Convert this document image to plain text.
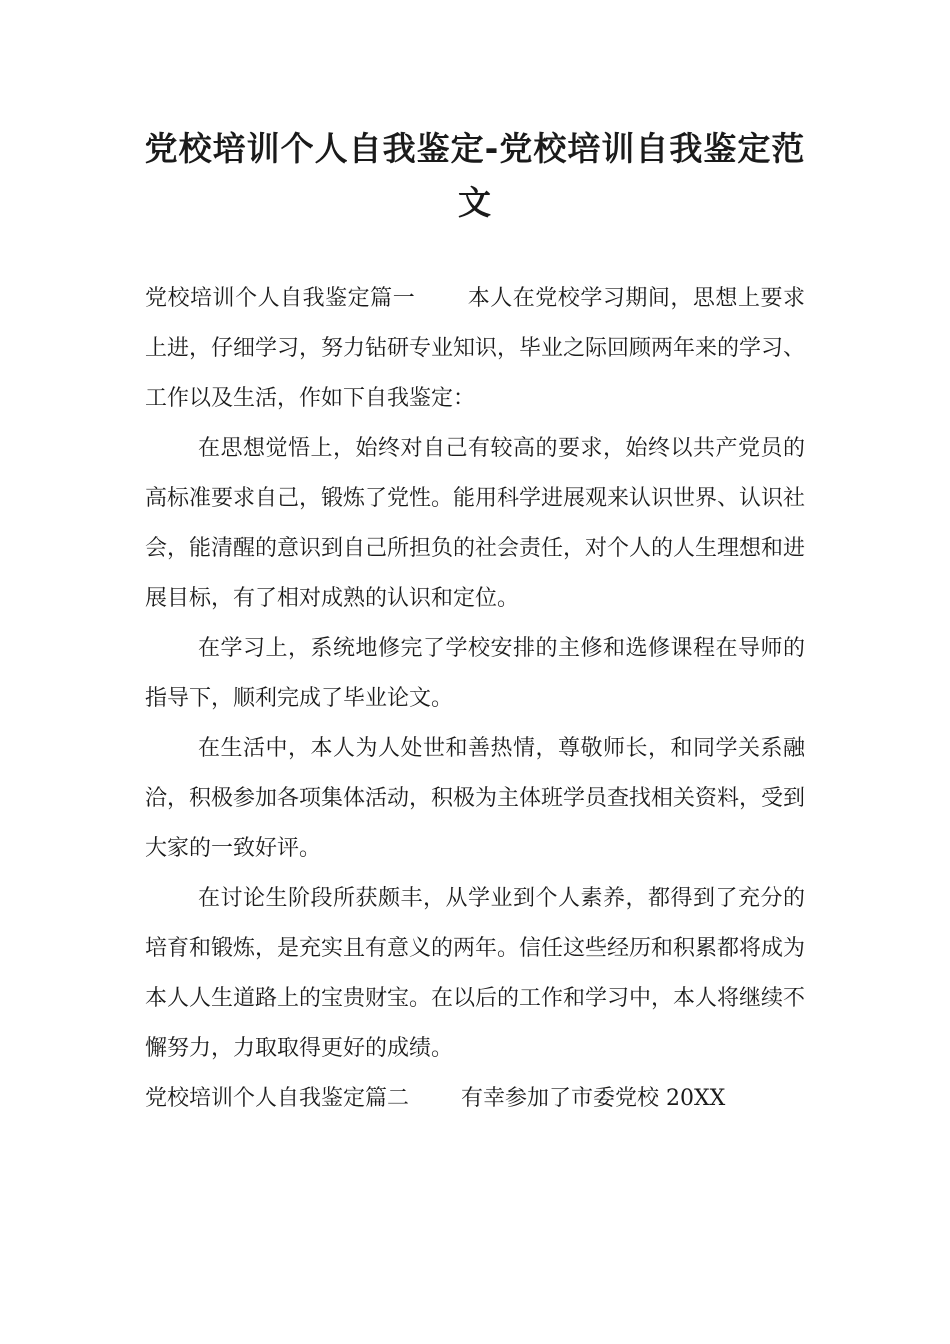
党校培训个人自我鉴定-党校培训自我鉴定范文

党校培训个人自我鉴定篇一 本人在党校学习期间，思想上要求上进，仔细学习，努力钻研专业知识，毕业之际回顾两年来的学习、工作以及生活，作如下自我鉴定：

在思想觉悟上，始终对自己有较高的要求，始终以共产党员的高标准要求自己，锻炼了党性。能用科学进展观来认识世界、认识社会，能清醒的意识到自己所担负的社会责任，对个人的人生理想和进展目标，有了相对成熟的认识和定位。

在学习上，系统地修完了学校安排的主修和选修课程在导师的指导下，顺利完成了毕业论文。

在生活中，本人为人处世和善热情，尊敬师长，和同学关系融洽，积极参加各项集体活动，积极为主体班学员查找相关资料，受到大家的一致好评。

在讨论生阶段所获颇丰，从学业到个人素养，都得到了充分的培育和锻炼，是充实且有意义的两年。信任这些经历和积累都将成为本人人生道路上的宝贵财宝。在以后的工作和学习中，本人将继续不懈努力，力取取得更好的成绩。

党校培训个人自我鉴定篇二 有幸参加了市委党校 20XX
